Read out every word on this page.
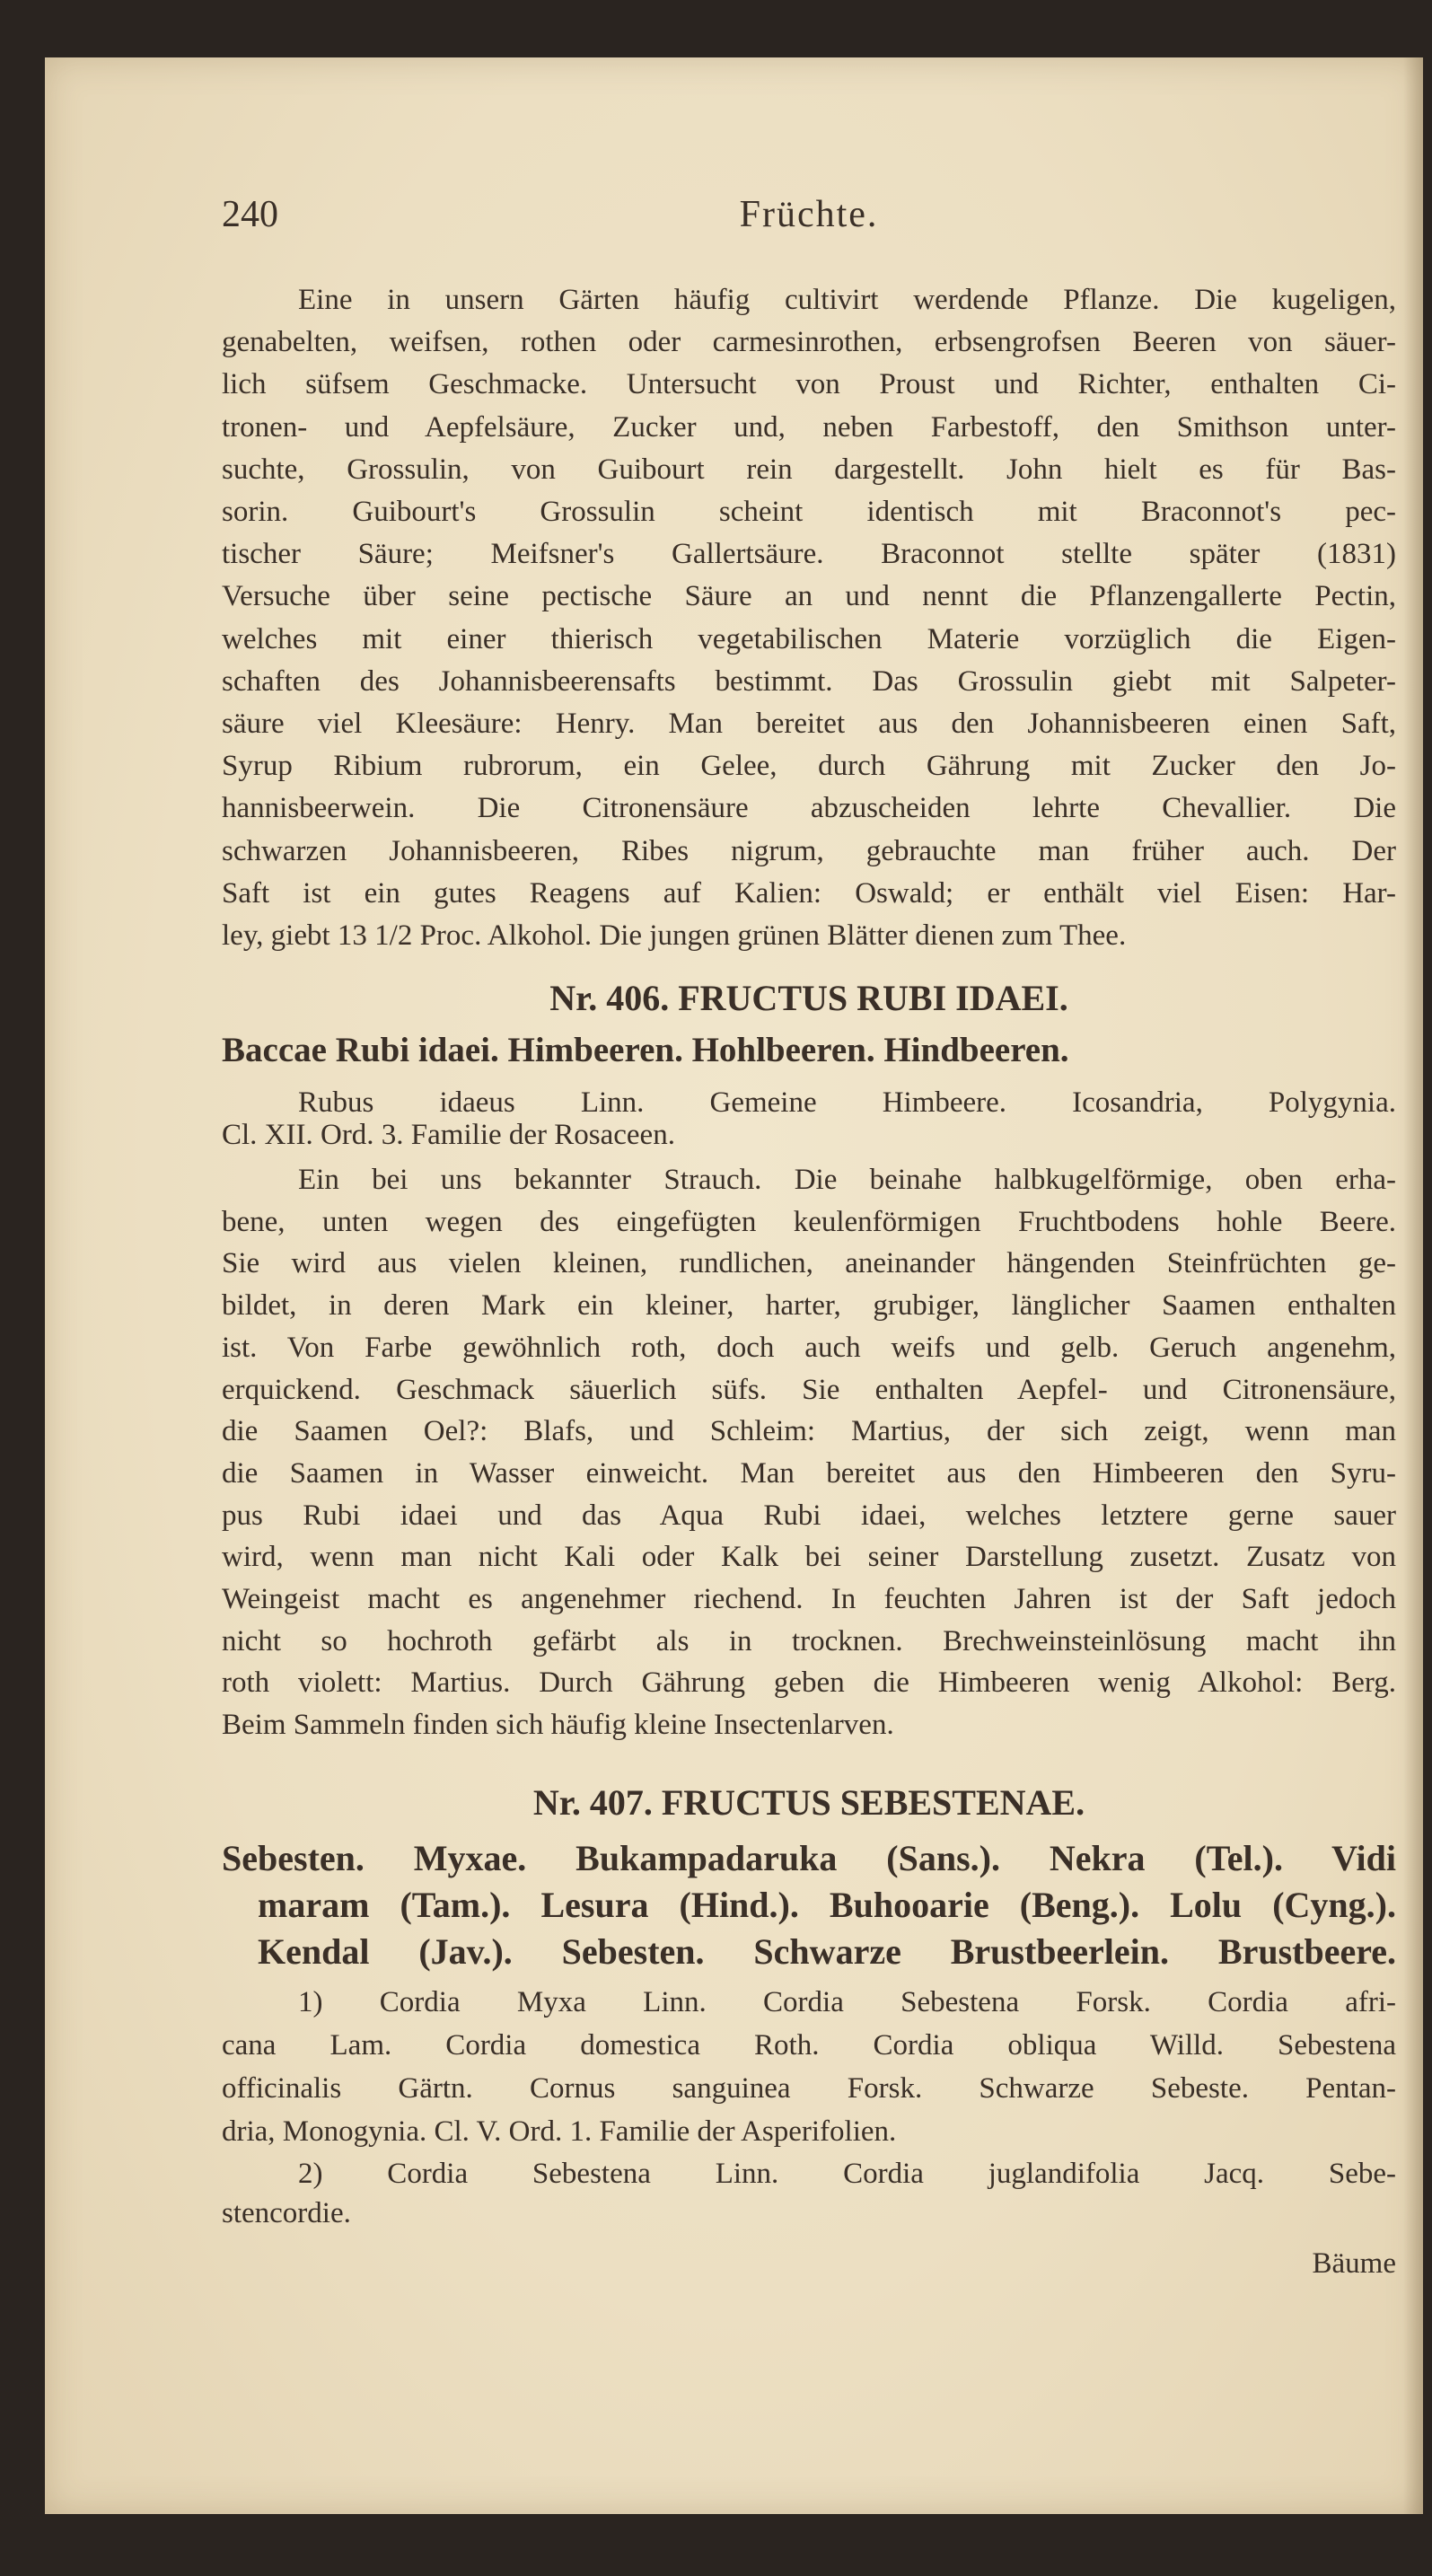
240	Früchte.
Eine in unsern Gärten häufig cultivirt werdende Pflanze. Die kugeligen,
genabelten, weifsen, rothen oder carmesinrothen, erbsengrofsen Beeren von säuer-
lich süfsem Geschmacke. Untersucht von Proust und Richter, enthalten Ci-
tronen- und Aepfelsäure, Zucker und, neben Farbestoff, den Smithson unter-
suchte, Grossulin, von Guibourt rein dargestellt. John hielt es für Bas-
sorin. Guibourt's Grossulin scheint identisch mit Braconnot's pec-
tischer Säure; Meifsner's Gallertsäure. Braconnot stellte später (1831)
Versuche über seine pectische Säure an und nennt die Pflanzengallerte Pectin,
welches mit einer thierisch vegetabilischen Materie vorzüglich die Eigen-
schaften des Johannisbeerensafts bestimmt. Das Grossulin giebt mit Salpeter-
säure viel Kleesäure: Henry. Man bereitet aus den Johannisbeeren einen Saft,
Syrup Ribium rubrorum, ein Gelee, durch Gährung mit Zucker den Jo-
hannisbeerwein. Die Citronensäure abzuscheiden lehrte Chevallier. Die
schwarzen Johannisbeeren, Ribes nigrum, gebrauchte man früher auch. Der
Saft ist ein gutes Reagens auf Kalien: Oswald; er enthält viel Eisen: Har-
ley, giebt 13 1/2 Proc. Alkohol. Die jungen grünen Blätter dienen zum Thee.
Rubus idaeus Linn. Gemeine Himbeere. Icosandria, Polygynia.
Cl. XII. Ord. 3. Familie der Rosaceen.
Ein bei uns bekannter Strauch. Die beinahe halbkugelförmige, oben erha-
bene, unten wegen des eingefügten keulenförmigen Fruchtbodens hohle Beere.
Sie wird aus vielen kleinen, rundlichen, aneinander hängenden Steinfrüchten ge-
bildet, in deren Mark ein kleiner, harter, grubiger, länglicher Saamen enthalten
ist. Von Farbe gewöhnlich roth, doch auch weifs und gelb. Geruch angenehm,
erquickend. Geschmack säuerlich süfs. Sie enthalten Aepfel- und Citronensäure,
die Saamen Oel?: Blafs, und Schleim: Martius, der sich zeigt, wenn man
die Saamen in Wasser einweicht. Man bereitet aus den Himbeeren den Syru-
pus Rubi idaei und das Aqua Rubi idaei, welches letztere gerne sauer
wird, wenn man nicht Kali oder Kalk bei seiner Darstellung zusetzt. Zusatz von
Weingeist macht es angenehmer riechend. In feuchten Jahren ist der Saft jedoch
nicht so hochroth gefärbt als in trocknen. Brechweinsteinlösung macht ihn
roth violett: Martius. Durch Gährung geben die Himbeeren wenig Alkohol: Berg.
Beim Sammeln finden sich häufig kleine Insectenlarven.
Sebesten. Myxae. Bukampadaruka (Sans.). Nekra (Tel.). Vidi
maram (Tam.). Lesura (Hind.). Buhooarie (Beng.). Lolu (Cyng.).
Kendal (Jav.). Sebesten. Schwarze Brustbeerlein. Brustbeere.
1) Cordia Myxa Linn. Cordia Sebestena Forsk. Cordia afri-
cana Lam. Cordia domestica Roth. Cordia obliqua Willd. Sebestena
officinalis Gärtn. Cornus sanguinea Forsk. Schwarze Sebeste. Pentan-
dria, Monogynia. Cl. V. Ord. 1. Familie der Asperifolien.
2) Cordia Sebestena Linn. Cordia juglandifolia Jacq. Sebe-
stencordie.
Nr. 406. FRUCTUS RUBI IDAEI.
Baccae Rubi idaei. Himbeeren. Hohlbeeren. Hindbeeren.
Nr. 407. FRUCTUS SEBESTENAE.
Bäume
